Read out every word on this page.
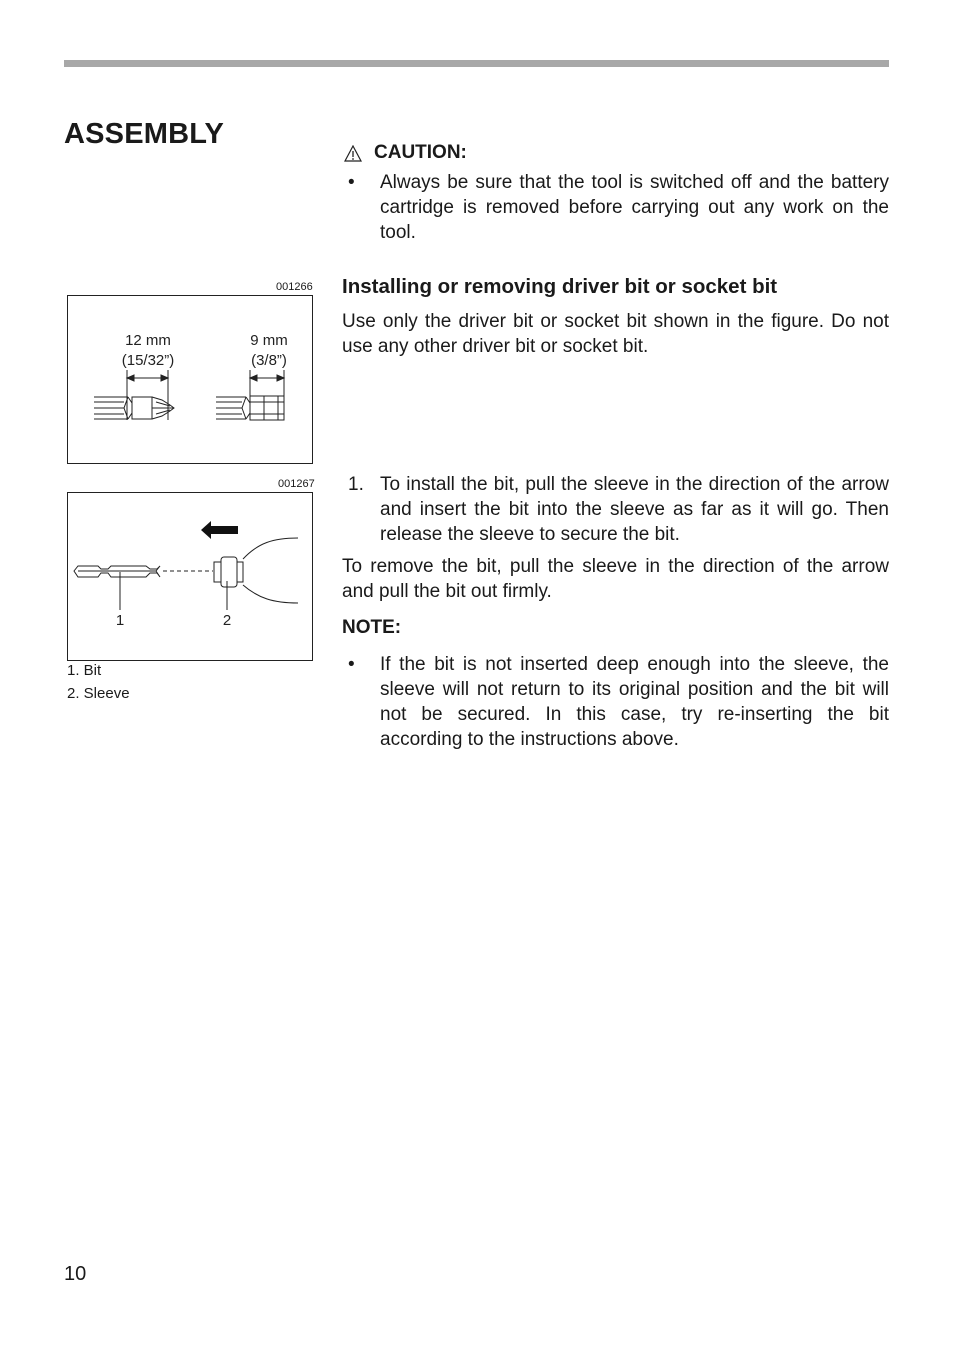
ASSEMBLY
CAUTION:
•	Always be sure that the tool is switched off and the battery cartridge is removed before carrying out any work on the tool.
Installing or removing driver bit or socket bit
Use only the driver bit or socket bit shown in the figure. Do not use any other driver bit or socket bit.
1. To install the bit, pull the sleeve in the direction of the arrow and insert the bit into the sleeve as far as it will go. Then release the sleeve to secure the bit.
To remove the bit, pull the sleeve in the direction of the arrow and pull the bit out firmly.
NOTE:
•	If the bit is not inserted deep enough into the sleeve, the sleeve will not return to its original position and the bit will not be secured. In this case, try re-inserting the bit according to the instructions above.
001266
12 mm
(15/32”)
9 mm
(3/8”)
001267
1	2
1. Bit
2. Sleeve
10
